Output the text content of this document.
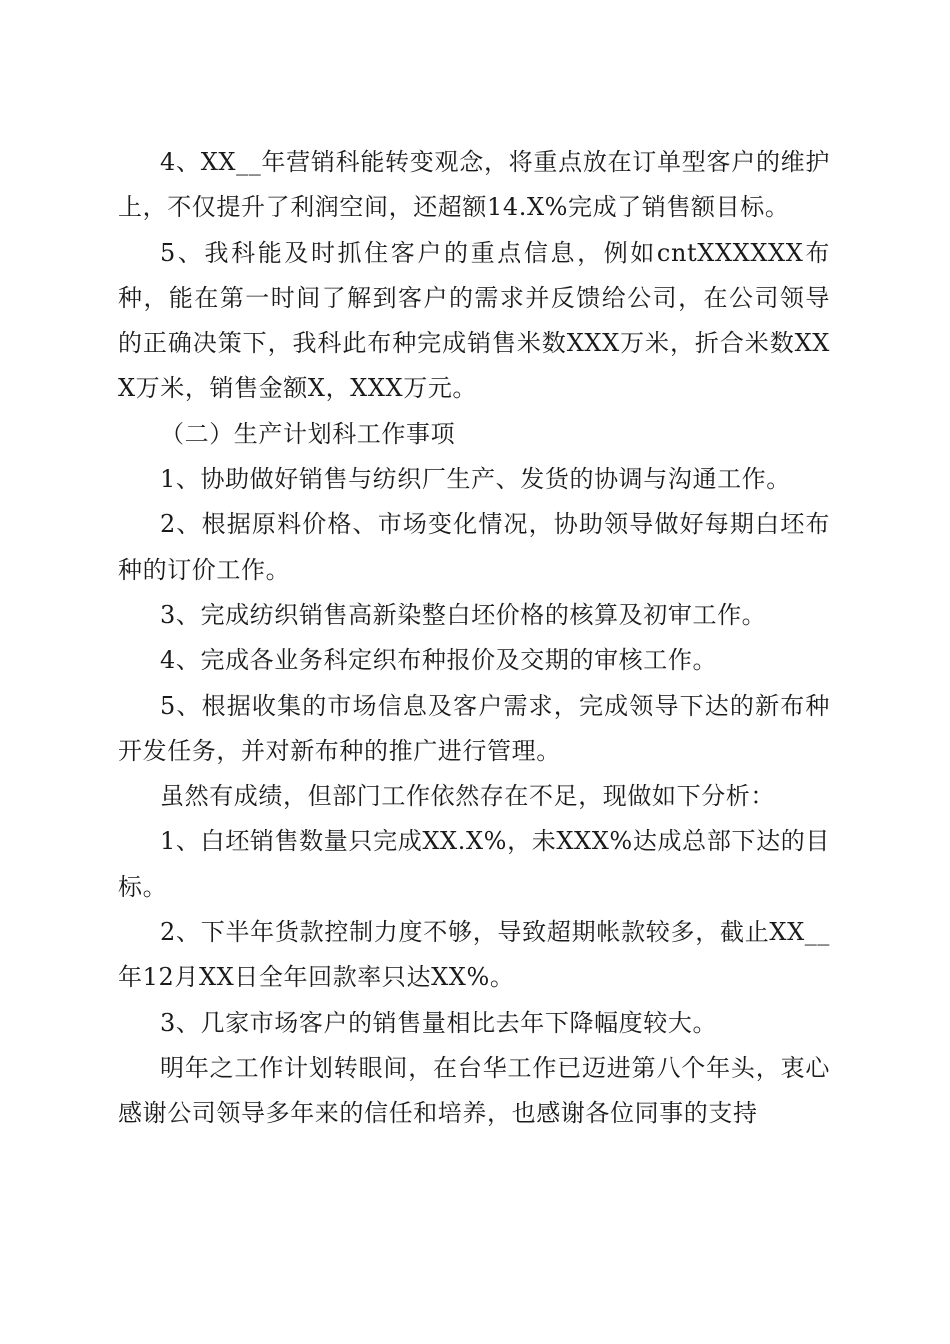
4、XX__年营销科能转变观念，将重点放在订单型客户的维护上，不仅提升了利润空间，还超额14.X%完成了销售额目标。

5、我科能及时抓住客户的重点信息，例如cntXXXXXX布种，能在第一时间了解到客户的需求并反馈给公司，在公司领导的正确决策下，我科此布种完成销售米数XXX万米，折合米数XXX万米，销售金额X，XXX万元。

（二）生产计划科工作事项

1、协助做好销售与纺织厂生产、发货的协调与沟通工作。

2、根据原料价格、市场变化情况，协助领导做好每期白坯布种的订价工作。

3、完成纺织销售高新染整白坯价格的核算及初审工作。

4、完成各业务科定织布种报价及交期的审核工作。

5、根据收集的市场信息及客户需求，完成领导下达的新布种开发任务，并对新布种的推广进行管理。

虽然有成绩，但部门工作依然存在不足，现做如下分析：

1、白坯销售数量只完成XX.X%，未XXX%达成总部下达的目标。

2、下半年货款控制力度不够，导致超期帐款较多，截止XX__年12月XX日全年回款率只达XX%。

3、几家市场客户的销售量相比去年下降幅度较大。

明年之工作计划转眼间，在台华工作已迈进第八个年头，衷心感谢公司领导多年来的信任和培养，也感谢各位同事的支持
